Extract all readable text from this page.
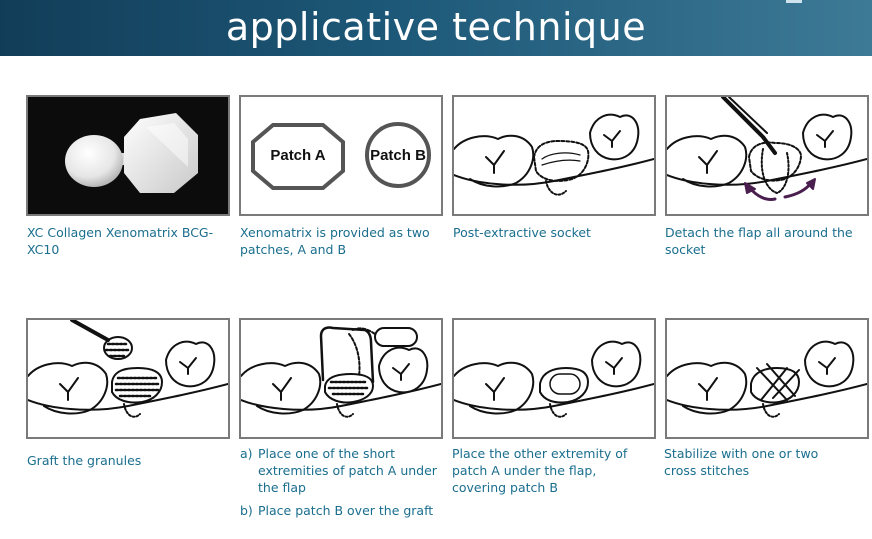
applicative technique
XC Collagen Xenomatrix BCG-XC10
Patch A	Patch B
Xenomatrix is provided as two patches, A and B
Post-extractive socket	Detach the flap all around the socket
Graft the granules	a) Place one of the short extremities of patch A under the flap
b) Place patch B over the graft
Place the other extremity of patch A under the flap, covering patch B
Stabilize with one or two cross stitches
